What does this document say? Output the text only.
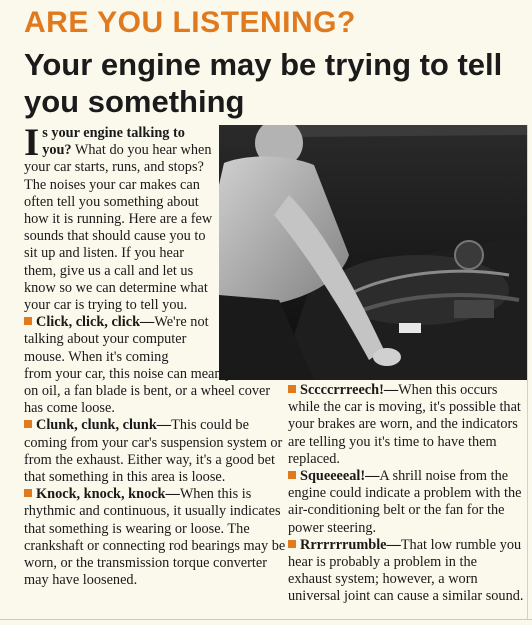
ARE YOU LISTENING?
Your engine may be trying to tell you something
Is your engine talking to you? What do you hear when your car starts, runs, and stops? The noises your car makes can often tell you something about how it is running. Here are a few sounds that should cause you to sit up and listen. If you hear them, give us a call and let us know so we can determine what your car is trying to tell you.
Click, click, click—We're not talking about your computer mouse. When it's coming
from your car, this noise can mean you're low on oil, a fan blade is bent, or a wheel cover has come loose.
Clunk, clunk, clunk—This could be coming from your car's suspension system or from the exhaust. Either way, it's a good bet that something in this area is loose.
Knock, knock, knock—When this is rhythmic and continuous, it usually indicates that something is wearing or loose. The crankshaft or connecting rod bearings may be worn, or the transmission torque converter may have loosened.
Sccccrrreech!—When this occurs while the car is moving, it's possible that your brakes are worn, and the indicators are telling you it's time to have them replaced.
Squeeeeal!—A shrill noise from the engine could indicate a problem with the air-conditioning belt or the fan for the power steering.
Rrrrrrrumble—That low rumble you hear is probably a problem in the exhaust system; however, a worn universal joint can cause a similar sound.
